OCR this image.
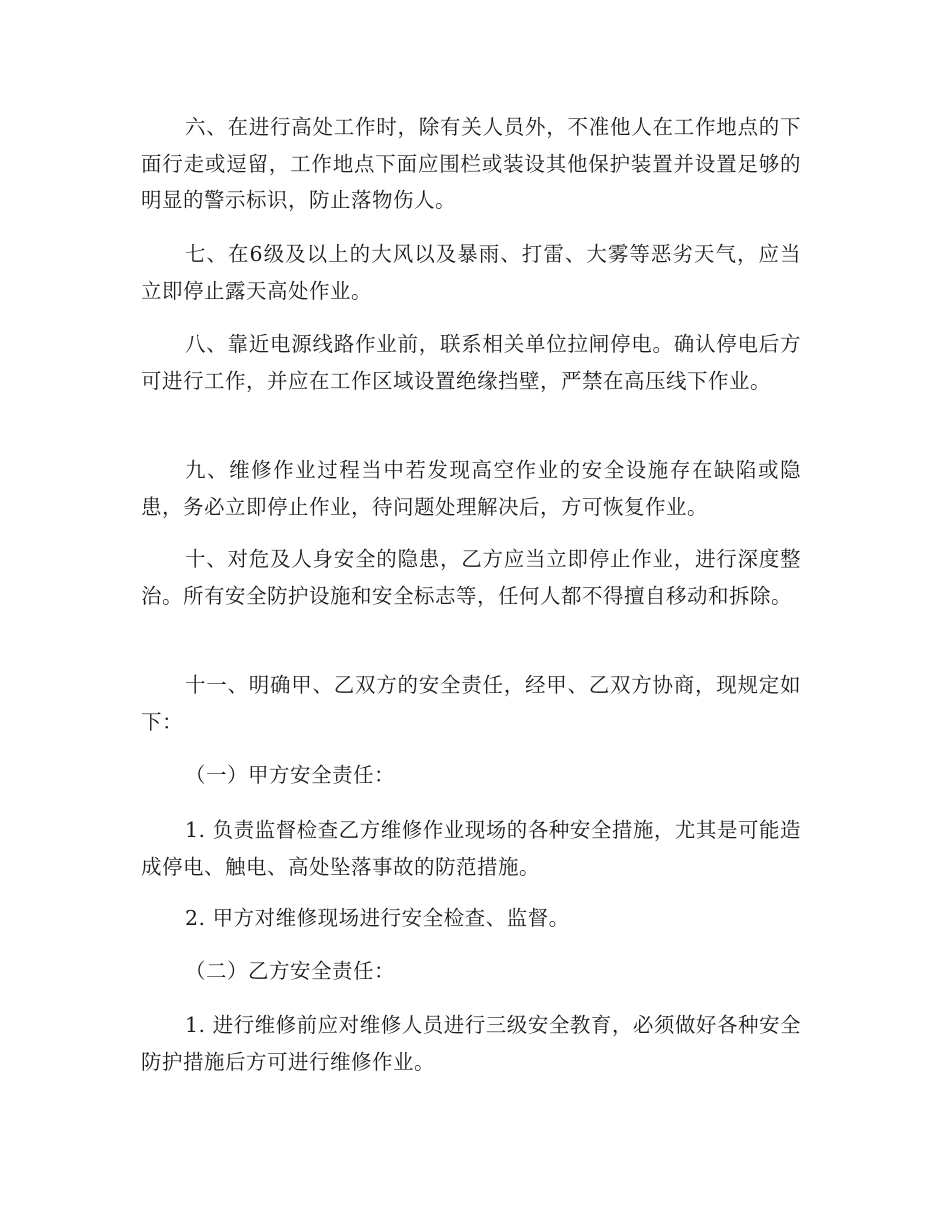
六、在进行高处工作时，除有关人员外，不准他人在工作地点的下面行走或逗留，工作地点下面应围栏或装设其他保护装置并设置足够的明显的警示标识，防止落物伤人。

七、在6级及以上的大风以及暴雨、打雷、大雾等恶劣天气，应当立即停止露天高处作业。

八、靠近电源线路作业前，联系相关单位拉闸停电。确认停电后方可进行工作，并应在工作区域设置绝缘挡壁，严禁在高压线下作业。

九、维修作业过程当中若发现高空作业的安全设施存在缺陷或隐患，务必立即停止作业，待问题处理解决后，方可恢复作业。

十、对危及人身安全的隐患，乙方应当立即停止作业，进行深度整治。所有安全防护设施和安全标志等，任何人都不得擅自移动和拆除。

十一、明确甲、乙双方的安全责任，经甲、乙双方协商，现规定如下：

（一）甲方安全责任：

1. 负责监督检查乙方维修作业现场的各种安全措施，尤其是可能造成停电、触电、高处坠落事故的防范措施。

2. 甲方对维修现场进行安全检查、监督。

（二）乙方安全责任：

1. 进行维修前应对维修人员进行三级安全教育，必须做好各种安全防护措施后方可进行维修作业。
